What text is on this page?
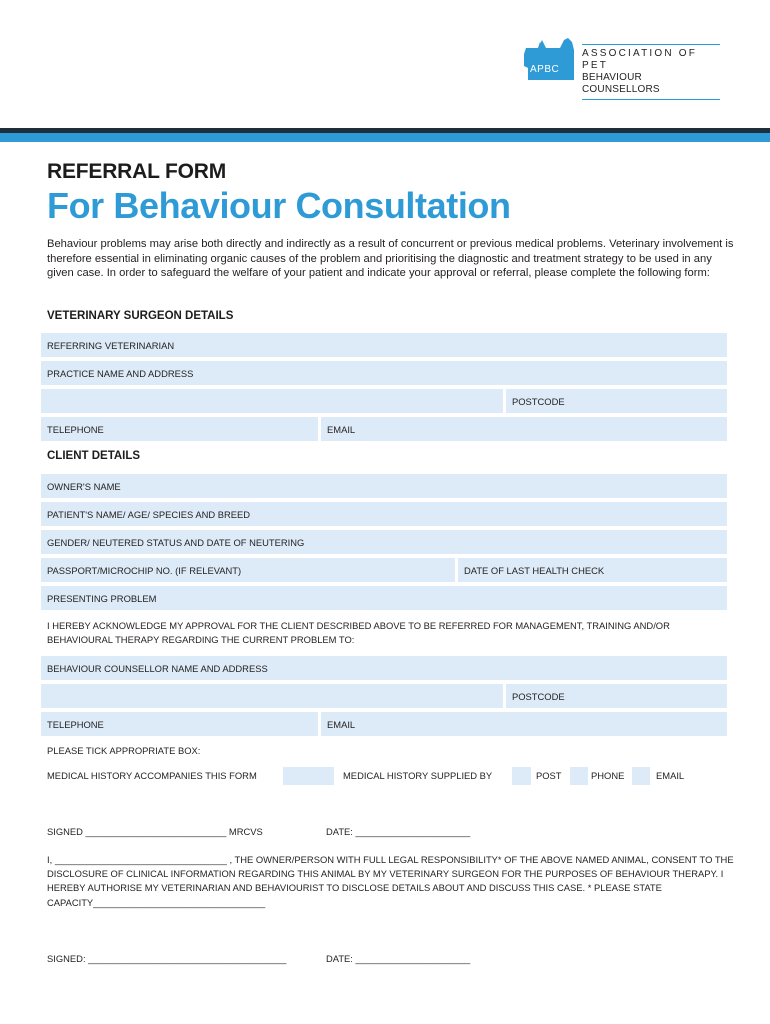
APBC
ASSOCIATION OF PET
BEHAVIOUR COUNSELLORS
REFERRAL FORM
For Behaviour Consultation

Behaviour problems may arise both directly and indirectly as a result of concurrent or previous medical problems. Veterinary involvement is therefore essential in eliminating organic causes of the problem and prioritising the diagnostic and treatment strategy to be used in any given case. In order to safeguard the welfare of your patient and indicate your approval or referral, please complete the following form:

VETERINARY SURGEON DETAILS
REFERRING VETERINARIAN
PRACTICE NAME AND ADDRESS
POSTCODE
TELEPHONE	EMAIL
CLIENT DETAILS
OWNER'S NAME
PATIENT'S NAME/ AGE/ SPECIES AND BREED
GENDER/ NEUTERED STATUS AND DATE OF NEUTERING
PASSPORT/MICROCHIP NO. (IF RELEVANT)	DATE OF LAST HEALTH CHECK
PRESENTING PROBLEM

I HEREBY ACKNOWLEDGE MY APPROVAL FOR THE CLIENT DESCRIBED ABOVE TO BE REFERRED FOR MANAGEMENT, TRAINING AND/OR BEHAVIOURAL THERAPY REGARDING THE CURRENT PROBLEM TO:

BEHAVIOUR COUNSELLOR NAME AND ADDRESS
POSTCODE
TELEPHONE	EMAIL
PLEASE TICK APPROPRIATE BOX:
MEDICAL HISTORY ACCOMPANIES THIS FORM	MEDICAL HISTORY SUPPLIED BY	POST	PHONE	EMAIL
SIGNED ___________________________ MRCVS	DATE: ______________________

I, _________________________________ , THE OWNER/PERSON WITH FULL LEGAL RESPONSIBILITY* OF THE ABOVE NAMED ANIMAL, CONSENT TO THE DISCLOSURE OF CLINICAL INFORMATION REGARDING THIS ANIMAL BY MY VETERINARY SURGEON FOR THE PURPOSES OF BEHAVIOUR THERAPY. I HEREBY AUTHORISE MY VETERINARIAN AND BEHAVIOURIST TO DISCLOSE DETAILS ABOUT AND DISCUSS THIS CASE. * PLEASE STATE CAPACITY_________________________________

SIGNED: ______________________________________	DATE: ______________________
